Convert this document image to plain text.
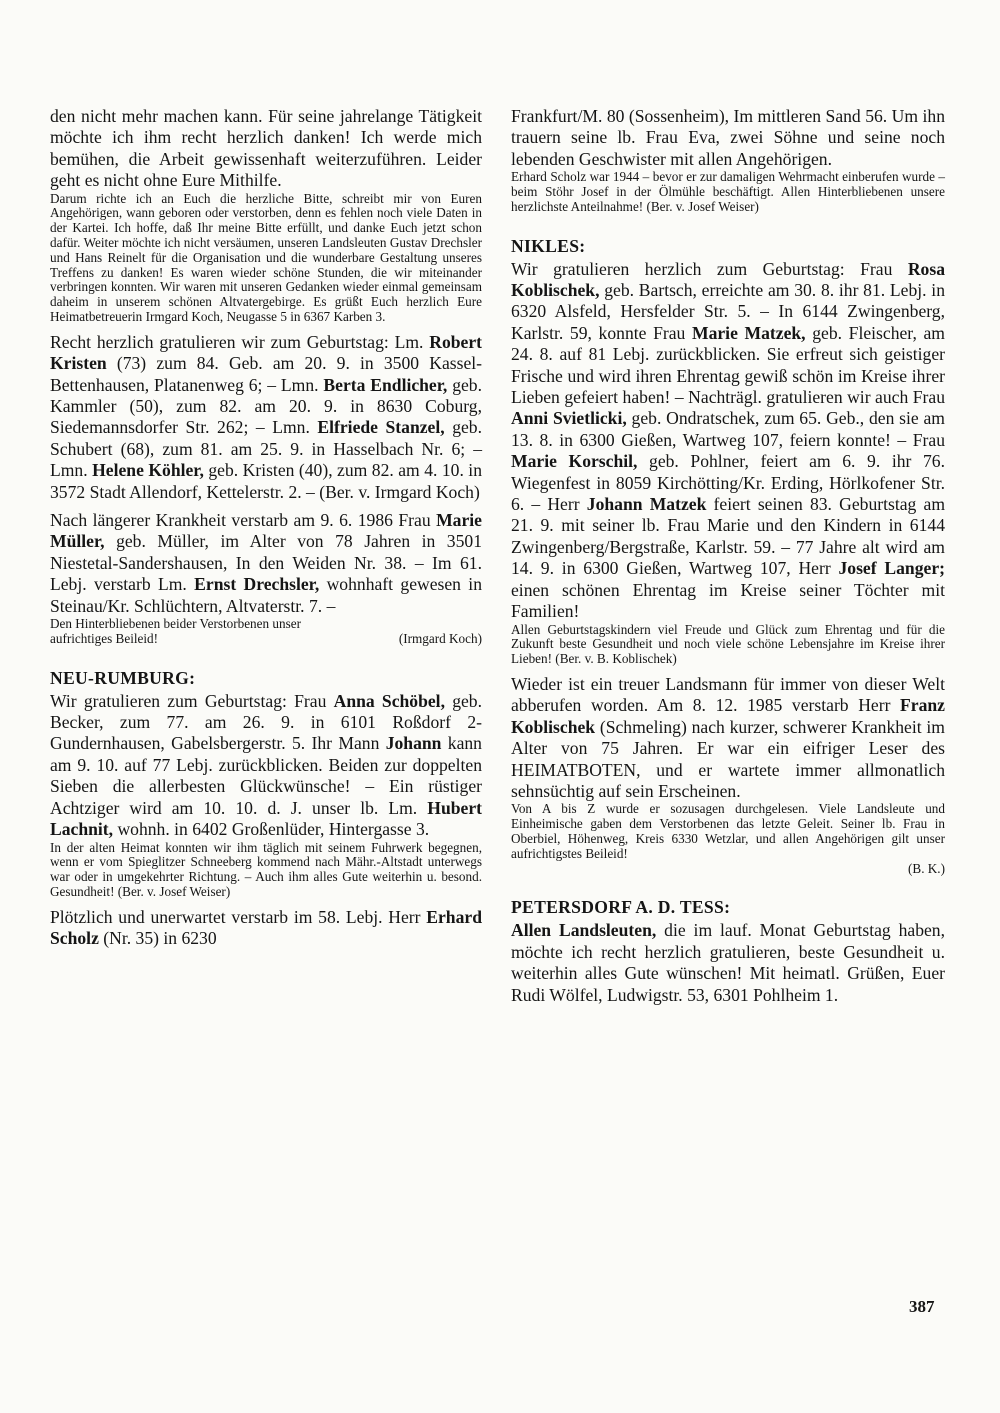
den nicht mehr machen kann. Für seine jahrelange Tätigkeit möchte ich ihm recht herzlich danken! Ich werde mich bemühen, die Arbeit gewissenhaft weiterzuführen. Leider geht es nicht ohne Eure Mithilfe.

Darum richte ich an Euch die herzliche Bitte, schreibt mir von Euren Angehörigen, wann geboren oder verstorben, denn es fehlen noch viele Daten in der Kartei. Ich hoffe, daß Ihr meine Bitte erfüllt, und danke Euch jetzt schon dafür. Weiter möchte ich nicht versäumen, unseren Landsleuten Gustav Drechsler und Hans Reinelt für die Organisation und die wunderbare Gestaltung unseres Treffens zu danken! Es waren wieder schöne Stunden, die wir miteinander verbringen konnten. Wir waren mit unseren Gedanken wieder einmal gemeinsam daheim in unserem schönen Altvatergebirge. Es grüßt Euch herzlich Eure Heimatbetreuerin Irmgard Koch, Neugasse 5 in 6367 Karben 3.

Recht herzlich gratulieren wir zum Geburtstag: Lm. Robert Kristen (73) zum 84. Geb. am 20. 9. in 3500 Kassel-Bettenhausen, Platanenweg 6; – Lmn. Berta Endlicher, geb. Kammler (50), zum 82. am 20. 9. in 8630 Coburg, Siedemannsdorfer Str. 262; – Lmn. Elfriede Stanzel, geb. Schubert (68), zum 81. am 25. 9. in Hasselbach Nr. 6; – Lmn. Helene Köhler, geb. Kristen (40), zum 82. am 4. 10. in 3572 Stadt Allendorf, Kettelerstr. 2. – (Ber. v. Irmgard Koch)

Nach längerer Krankheit verstarb am 9. 6. 1986 Frau Marie Müller, geb. Müller, im Alter von 78 Jahren in 3501 Niestetal-Sandershausen, In den Weiden Nr. 38. – Im 61. Lebj. verstarb Lm. Ernst Drechsler, wohnhaft gewesen in Steinau/Kr. Schlüchtern, Altvaterstr. 7. –

Den Hinterbliebenen beider Verstorbenen unser
aufrichtiges Beileid!	(Irmgard Koch)
NEU-RUMBURG:

Wir gratulieren zum Geburtstag: Frau Anna Schöbel, geb. Becker, zum 77. am 26. 9. in 6101 Roßdorf 2-Gundernhausen, Gabelsbergerstr. 5. Ihr Mann Johann kann am 9. 10. auf 77 Lebj. zurückblicken. Beiden zur doppelten Sieben die allerbesten Glückwünsche! – Ein rüstiger Achtziger wird am 10. 10. d. J. unser lb. Lm. Hubert Lachnit, wohnh. in 6402 Großenlüder, Hintergasse 3.

In der alten Heimat konnten wir ihm täglich mit seinem Fuhrwerk begegnen, wenn er vom Spieglitzer Schneeberg kommend nach Mähr.-Altstadt unterwegs war oder in umgekehrter Richtung. – Auch ihm alles Gute weiterhin u. besond. Gesundheit! (Ber. v. Josef Weiser)

Plötzlich und unerwartet verstarb im 58. Lebj. Herr Erhard Scholz (Nr. 35) in 6230

Frankfurt/M. 80 (Sossenheim), Im mittleren Sand 56. Um ihn trauern seine lb. Frau Eva, zwei Söhne und seine noch lebenden Geschwister mit allen Angehörigen.

Erhard Scholz war 1944 – bevor er zur damaligen Wehrmacht einberufen wurde – beim Stöhr Josef in der Ölmühle beschäftigt. Allen Hinterbliebenen unsere herzlichste Anteilnahme! (Ber. v. Josef Weiser)

NIKLES:

Wir gratulieren herzlich zum Geburtstag: Frau Rosa Koblischek, geb. Bartsch, erreichte am 30. 8. ihr 81. Lebj. in 6320 Alsfeld, Hersfelder Str. 5. – In 6144 Zwingenberg, Karlstr. 59, konnte Frau Marie Matzek, geb. Fleischer, am 24. 8. auf 81 Lebj. zurückblicken. Sie erfreut sich geistiger Frische und wird ihren Ehrentag gewiß schön im Kreise ihrer Lieben gefeiert haben! – Nachträgl. gratulieren wir auch Frau Anni Svietlicki, geb. Ondratschek, zum 65. Geb., den sie am 13. 8. in 6300 Gießen, Wartweg 107, feiern konnte! – Frau Marie Korschil, geb. Pohlner, feiert am 6. 9. ihr 76. Wiegenfest in 8059 Kirchötting/Kr. Erding, Hörlkofener Str. 6. – Herr Johann Matzek feiert seinen 83. Geburtstag am 21. 9. mit seiner lb. Frau Marie und den Kindern in 6144 Zwingenberg/Bergstraße, Karlstr. 59. – 77 Jahre alt wird am 14. 9. in 6300 Gießen, Wartweg 107, Herr Josef Langer; einen schönen Ehrentag im Kreise seiner Töchter mit Familien!

Allen Geburtstagskindern viel Freude und Glück zum Ehrentag und für die Zukunft beste Gesundheit und noch viele schöne Lebensjahre im Kreise ihrer Lieben! (Ber. v. B. Koblischek)

Wieder ist ein treuer Landsmann für immer von dieser Welt abberufen worden. Am 8. 12. 1985 verstarb Herr Franz Koblischek (Schmeling) nach kurzer, schwerer Krankheit im Alter von 75 Jahren. Er war ein eifriger Leser des HEIMATBOTEN, und er wartete immer allmonatlich sehnsüchtig auf sein Erscheinen.

Von A bis Z wurde er sozusagen durchgelesen. Viele Landsleute und Einheimische gaben dem Verstorbenen das letzte Geleit. Seiner lb. Frau in Oberbiel, Höhenweg, Kreis 6330 Wetzlar, und allen Angehörigen gilt unser aufrichtigstes Beileid!

(B. K.)
PETERSDORF A. D. TESS:

Allen Landsleuten, die im lauf. Monat Geburtstag haben, möchte ich recht herzlich gratulieren, beste Gesundheit u. weiterhin alles Gute wünschen! Mit heimatl. Grüßen, Euer Rudi Wölfel, Ludwigstr. 53, 6301 Pohlheim 1.

387
